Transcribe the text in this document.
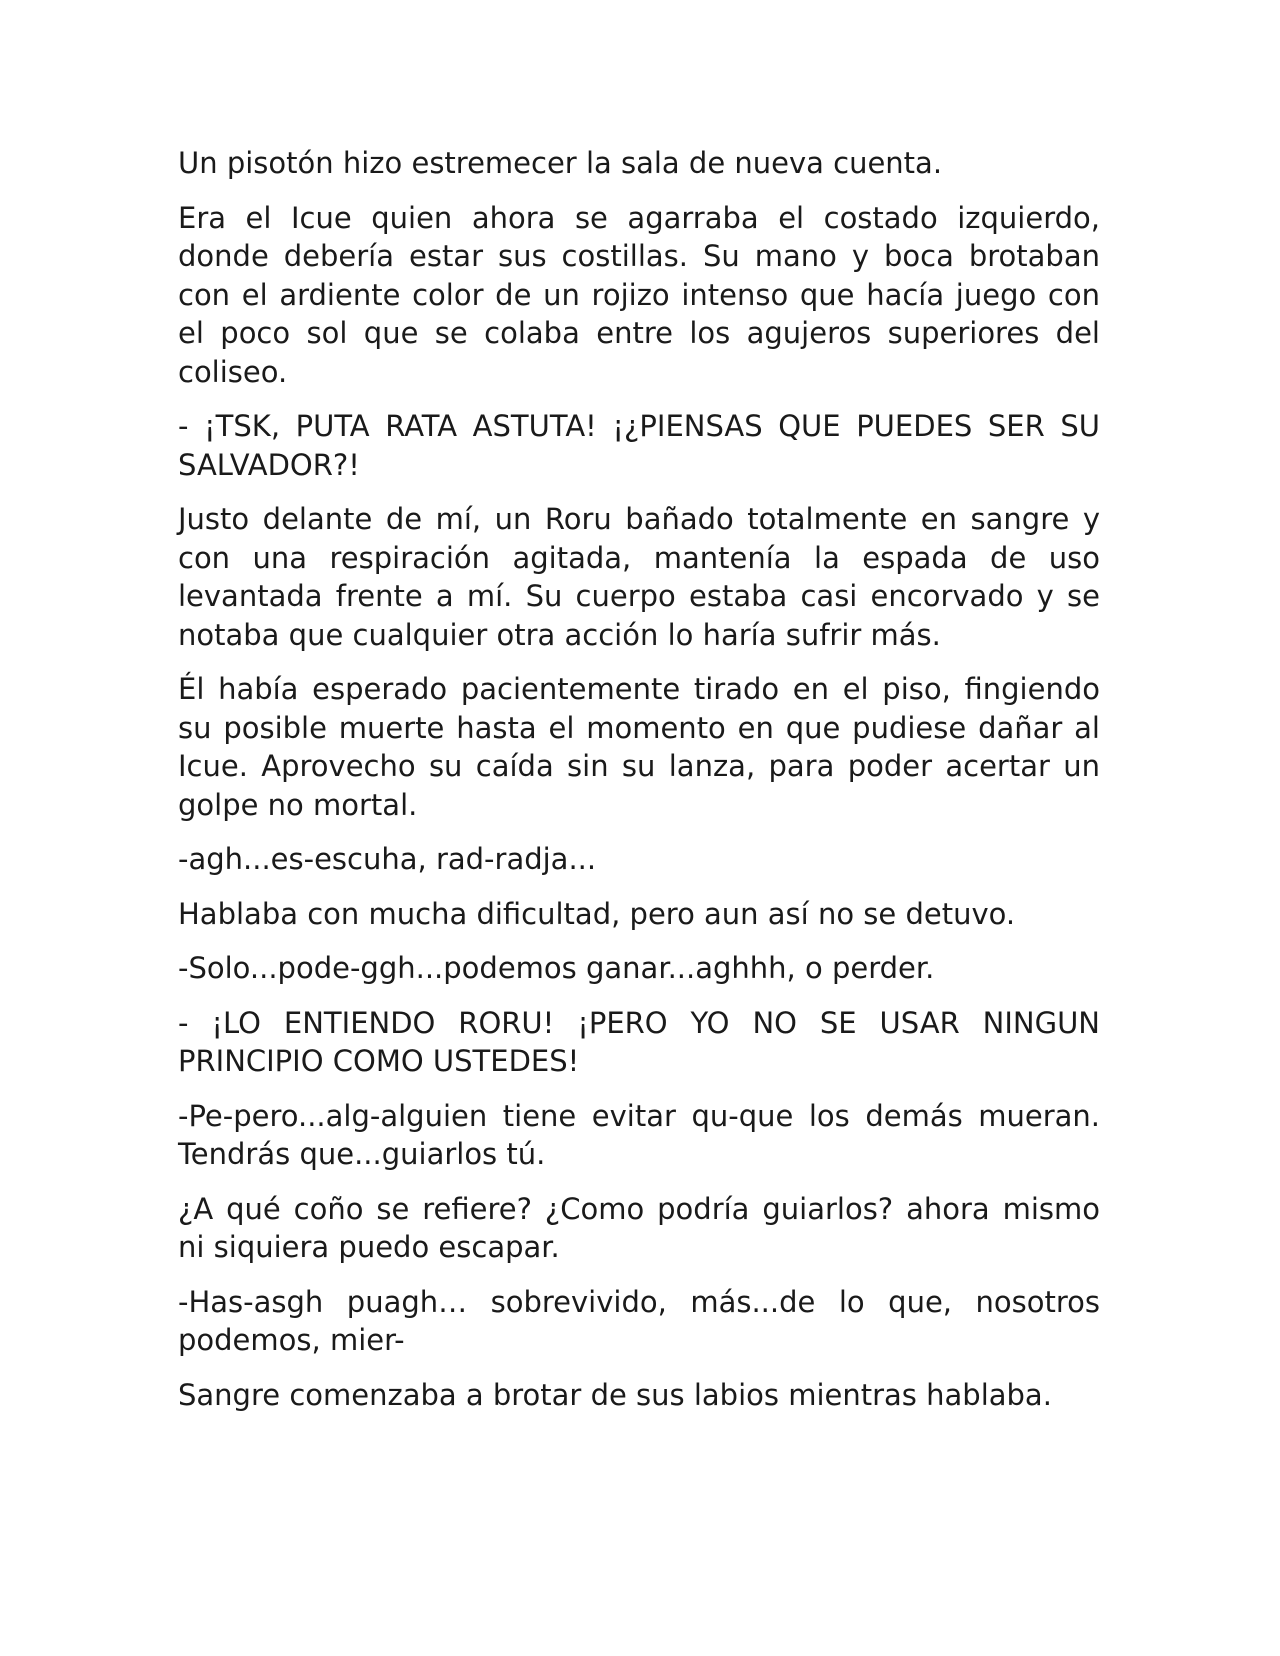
Un pisotón hizo estremecer la sala de nueva cuenta.

Era el Icue quien ahora se agarraba el costado izquierdo, donde debería estar sus costillas. Su mano y boca brotaban con el ardiente color de un rojizo intenso que hacía juego con el poco sol que se colaba entre los agujeros superiores del coliseo.

- ¡TSK, PUTA RATA ASTUTA! ¡¿PIENSAS QUE PUEDES SER SU SALVADOR?!

Justo delante de mí, un Roru bañado totalmente en sangre y con una respiración agitada, mantenía la espada de uso levantada frente a mí. Su cuerpo estaba casi encorvado y se notaba que cualquier otra acción lo haría sufrir más.

Él había esperado pacientemente tirado en el piso, fingiendo su posible muerte hasta el momento en que pudiese dañar al Icue. Aprovecho su caída sin su lanza, para poder acertar un golpe no mortal.

-agh...es-escuha, rad-radja...

Hablaba con mucha dificultad, pero aun así no se detuvo.

-Solo...pode-ggh...podemos ganar...aghhh, o perder.

- ¡LO ENTIENDO RORU! ¡PERO YO NO SE USAR NINGUN PRINCIPIO COMO USTEDES!

-Pe-pero...alg-alguien tiene evitar qu-que los demás mueran. Tendrás que...guiarlos tú.

¿A qué coño se refiere? ¿Como podría guiarlos? ahora mismo ni siquiera puedo escapar.

-Has-asgh puagh… sobrevivido, más...de lo que, nosotros podemos, mier-

Sangre comenzaba a brotar de sus labios mientras hablaba.
